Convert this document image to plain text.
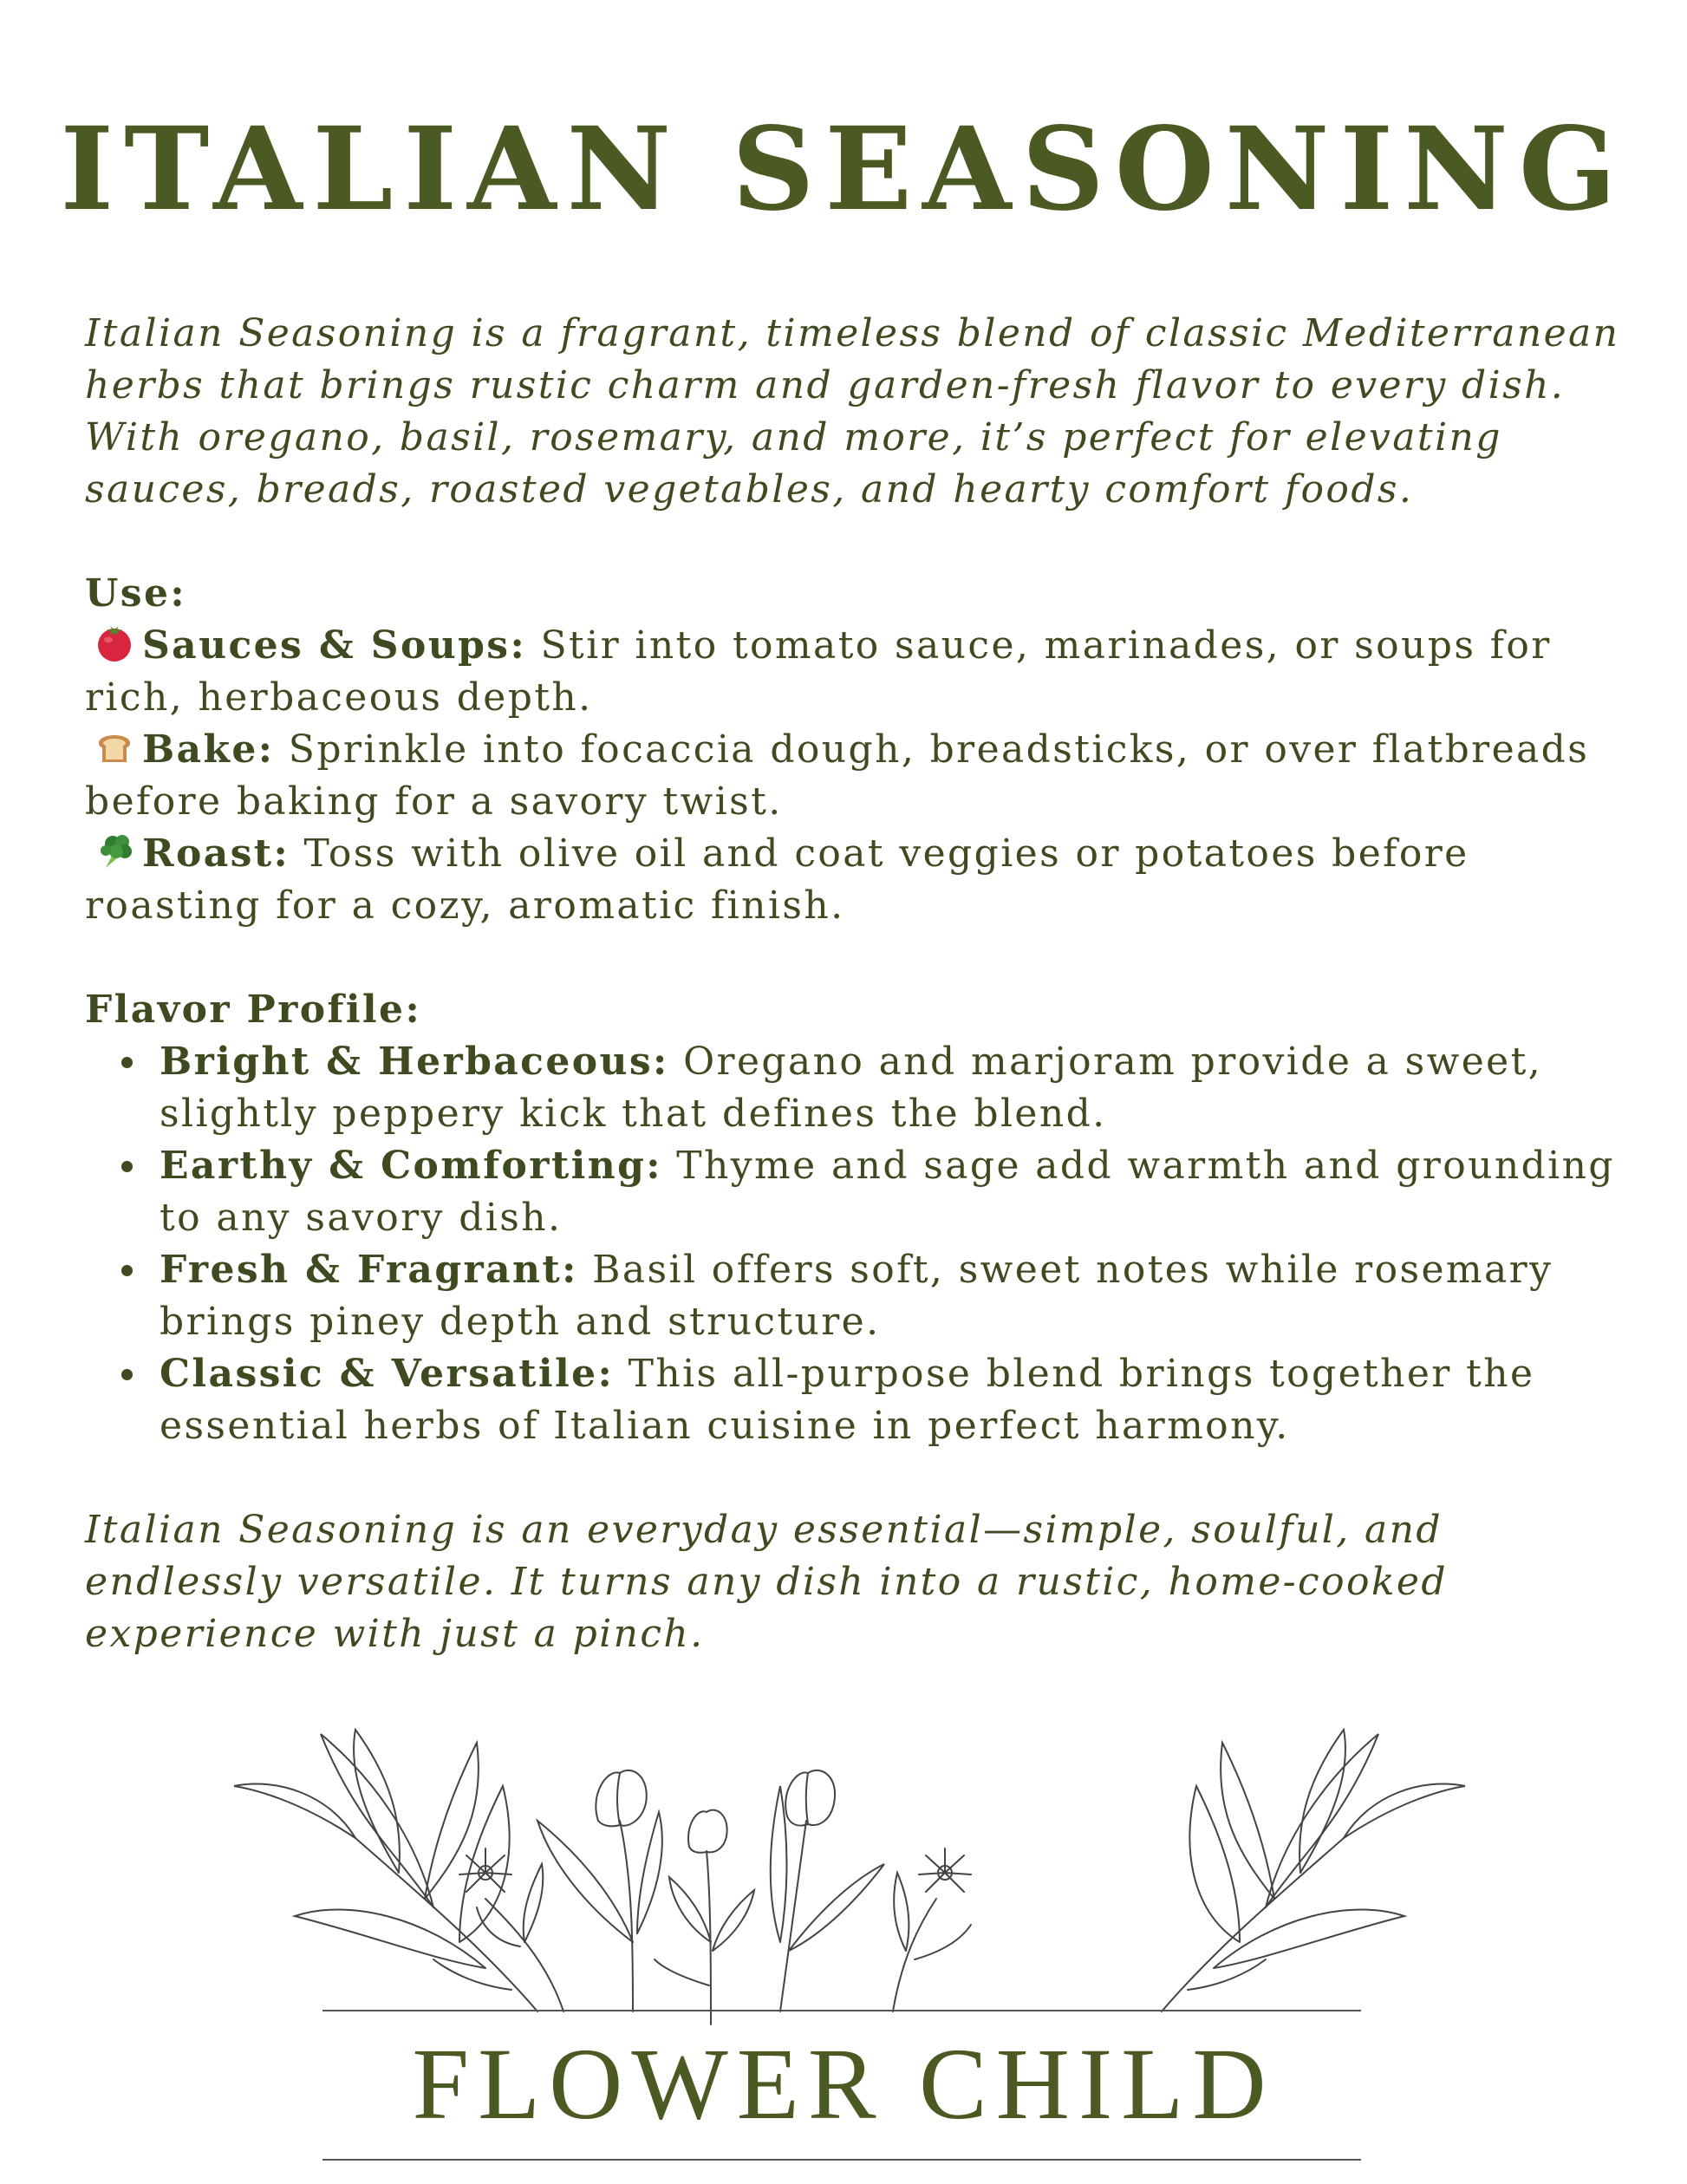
ITALIAN SEASONING

Italian Seasoning is a fragrant, timeless blend of classic Mediterranean herbs that brings rustic charm and garden-fresh flavor to every dish. With oregano, basil, rosemary, and more, it’s perfect for elevating sauces, breads, roasted vegetables, and hearty comfort foods.

Use:
Sauces & Soups: Stir into tomato sauce, marinades, or soups for rich, herbaceous depth.
Bake: Sprinkle into focaccia dough, breadsticks, or over flatbreads before baking for a savory twist.
Roast: Toss with olive oil and coat veggies or potatoes before roasting for a cozy, aromatic finish.
Flavor Profile:
Bright & Herbaceous: Oregano and marjoram provide a sweet, slightly peppery kick that defines the blend.
Earthy & Comforting: Thyme and sage add warmth and grounding to any savory dish.
Fresh & Fragrant: Basil offers soft, sweet notes while rosemary brings piney depth and structure.
Classic & Versatile: This all-purpose blend brings together the essential herbs of Italian cuisine in perfect harmony.

Italian Seasoning is an everyday essential—simple, soulful, and endlessly versatile. It turns any dish into a rustic, home-cooked experience with just a pinch.

FLOWER CHILD
